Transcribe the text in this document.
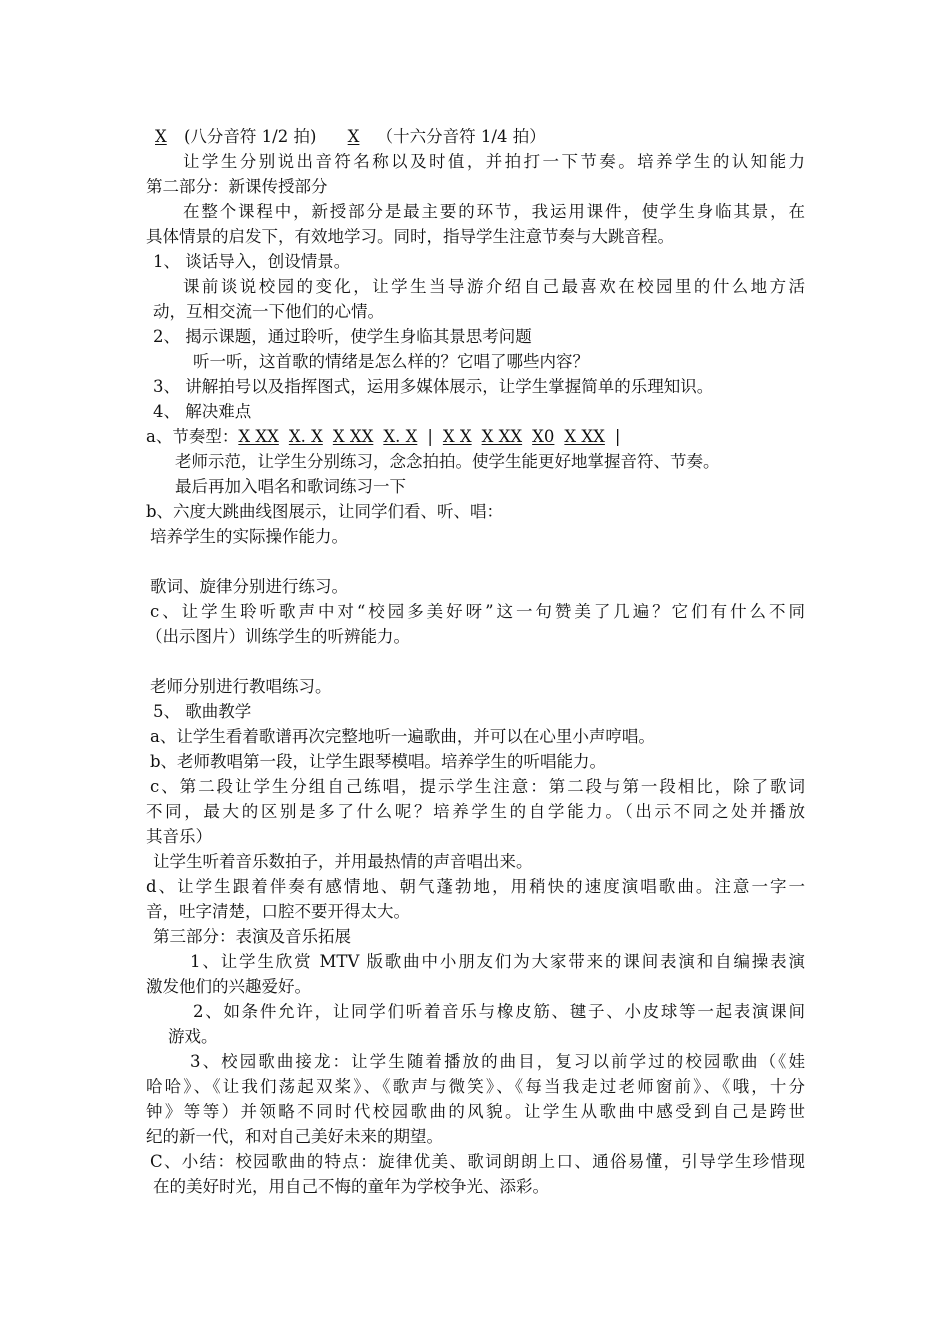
X (八分音符 1/2 拍) X （十六分音符 1/4 拍）
让学生分别说出音符名称以及时值，并拍打一下节奏。培养学生的认知能力
第二部分：新课传授部分
在整个课程中，新授部分是最主要的环节，我运用课件，使学生身临其景，在
具体情景的启发下，有效地学习。同时，指导学生注意节奏与大跳音程。
1、 谈话导入，创设情景。
课前谈说校园的变化，让学生当导游介绍自己最喜欢在校园里的什么地方活
动，互相交流一下他们的心情。
2、 揭示课题，通过聆听，使学生身临其景思考问题
听一听，这首歌的情绪是怎么样的？它唱了哪些内容？
3、 讲解拍号以及指挥图式，运用多媒体展示，让学生掌握简单的乐理知识。
4、 解决难点
a、节奏型：X XX X. X X XX X. X | X X X XX X0 X XX |
老师示范，让学生分别练习，念念拍拍。使学生能更好地掌握音符、节奏。
最后再加入唱名和歌词练习一下
b、六度大跳曲线图展示，让同学们看、听、唱：
培养学生的实际操作能力。
歌词、旋律分别进行练习。
c、让学生聆听歌声中对“校园多美好呀”这一句赞美了几遍？它们有什么不同
（出示图片）训练学生的听辨能力。
老师分别进行教唱练习。
5、 歌曲教学
a、让学生看着歌谱再次完整地听一遍歌曲，并可以在心里小声哼唱。
b、老师教唱第一段，让学生跟琴模唱。培养学生的听唱能力。
c、第二段让学生分组自己练唱，提示学生注意：第二段与第一段相比，除了歌词
不同，最大的区别是多了什么呢？培养学生的自学能力。（出示不同之处并播放
其音乐）
让学生听着音乐数拍子，并用最热情的声音唱出来。
d、让学生跟着伴奏有感情地、朝气蓬勃地，用稍快的速度演唱歌曲。注意一字一
音，吐字清楚，口腔不要开得太大。
第三部分：表演及音乐拓展
1、让学生欣赏 MTV 版歌曲中小朋友们为大家带来的课间表演和自编操表演
激发他们的兴趣爱好。
2、如条件允许，让同学们听着音乐与橡皮筋、毽子、小皮球等一起表演课间
游戏。
3、校园歌曲接龙：让学生随着播放的曲目，复习以前学过的校园歌曲（《娃
哈哈》、《让我们荡起双桨》、《歌声与微笑》、《每当我走过老师窗前》、《哦，十分
钟》等等）并领略不同时代校园歌曲的风貌。让学生从歌曲中感受到自己是跨世
纪的新一代，和对自己美好未来的期望。
C、小结：校园歌曲的特点：旋律优美、歌词朗朗上口、通俗易懂，引导学生珍惜现
在的美好时光，用自己不悔的童年为学校争光、添彩。
